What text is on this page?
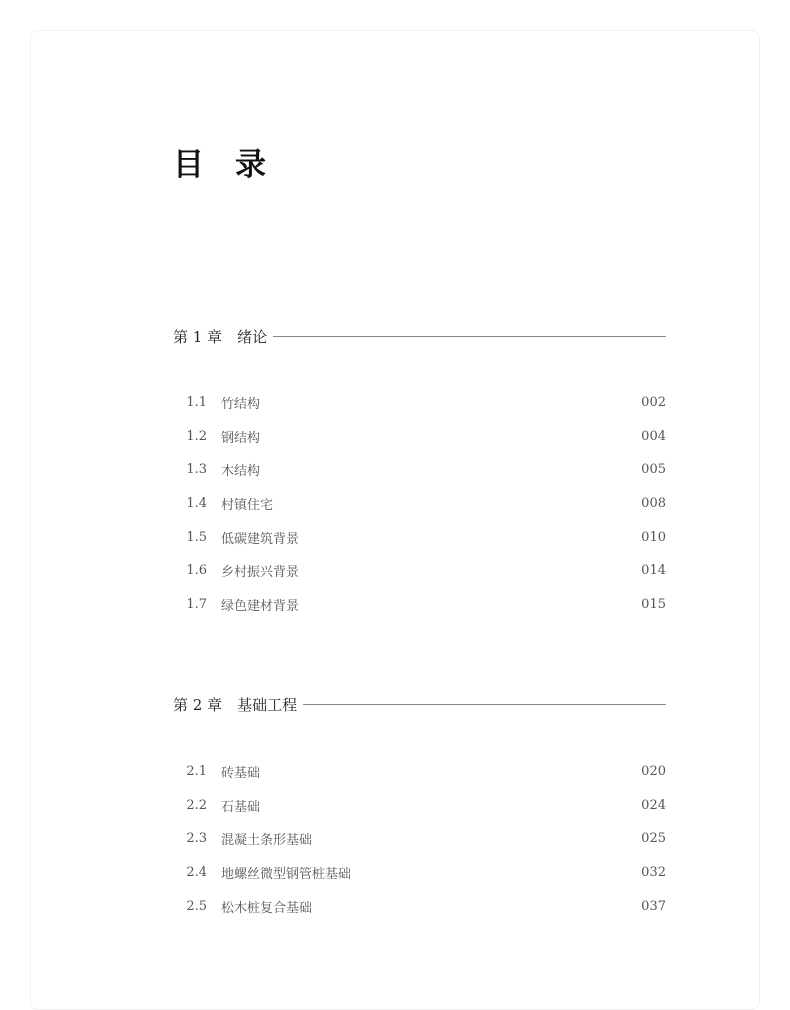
目　录
第 1 章 绪论
1.1	竹结构	002
1.2	钢结构	004
1.3	木结构	005
1.4	村镇住宅	008
1.5	低碳建筑背景	010
1.6	乡村振兴背景	014
1.7	绿色建材背景	015
第 2 章 基础工程
2.1	砖基础	020
2.2	石基础	024
2.3	混凝土条形基础	025
2.4	地螺丝微型钢管桩基础	032
2.5	松木桩复合基础	037
